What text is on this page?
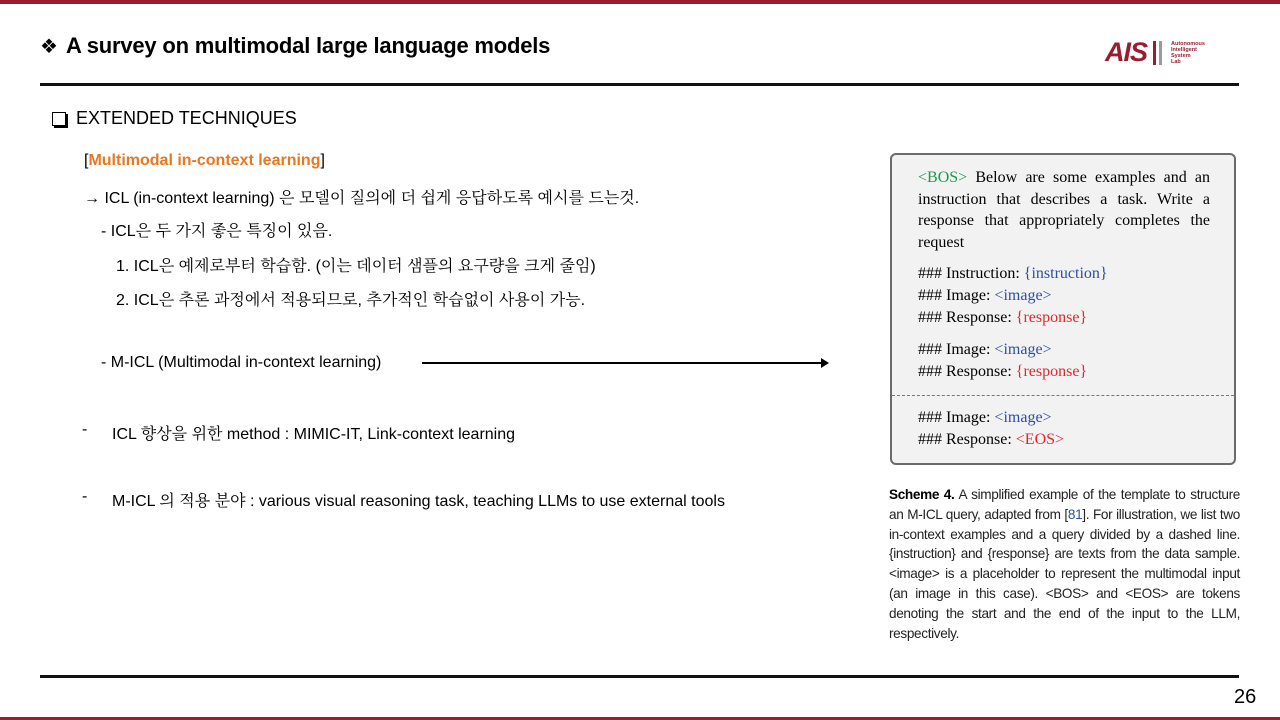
❖ A survey on multimodal large language models	AIS	Autonomous
Intelligent
System
Lab
EXTENDED TECHNIQUES
[Multimodal in-context learning]
→ ICL (in-context learning) 은 모델이 질의에 더 쉽게 응답하도록 예시를 드는것.
- ICL은 두 가지 좋은 특징이 있음.
1. ICL은 예제로부터 학습함. (이는 데이터 샘플의 요구량을 크게 줄임)
2. ICL은 추론 과정에서 적용되므로, 추가적인 학습없이 사용이 가능.
- M-ICL (Multimodal in-context learning)
- ICL 향상을 위한 method : MIMIC-IT, Link-context learning
- M-ICL 의 적용 분야 : various visual reasoning task, teaching LLMs to use external tools
<BOS> Below are some examples and an instruction that describes a task. Write a response that appropriately completes the request
### Instruction: {instruction}
### Image: <image>
### Response: {response}
### Image: <image>
### Response: {response}
### Image: <image>
### Response: <EOS>
Scheme 4. A simplified example of the template to structure an M-ICL query, adapted from [81]. For illustration, we list two in-context examples and a query divided by a dashed line. {instruction} and {response} are texts from the data sample. <image> is a placeholder to represent the multimodal input (an image in this case). <BOS> and <EOS> are tokens denoting the start and the end of the input to the LLM, respectively.
26
